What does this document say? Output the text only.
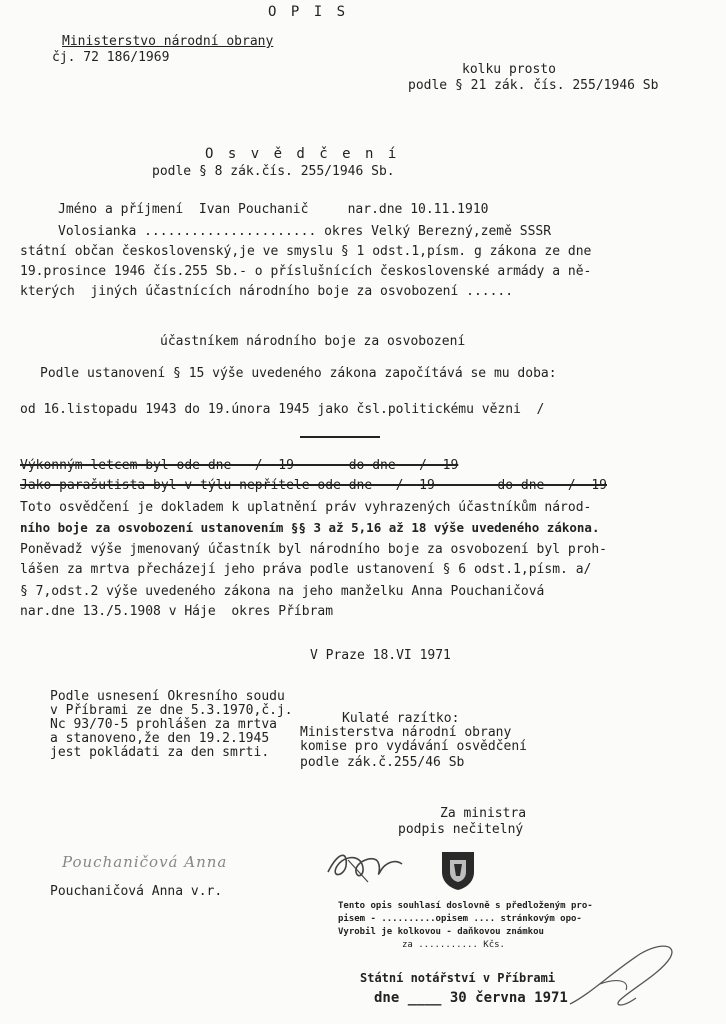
O P I S
Ministerstvo národní obrany
čj. 72 186/1969
kolku prosto
podle § 21 zák. čís. 255/1946 Sb
O s v ě d č e n í
podle § 8 zák.čís. 255/1946 Sb.
Jméno a příjmení  Ivan Pouchanič     nar.dne 10.11.1910
Volosianka ...................... okres Velký Berezný,země SSSR
státní občan československý,je ve smyslu § 1 odst.1,písm. g zákona ze dne
19.prosince 1946 čís.255 Sb.- o příslušnících československé armády a ně-
kterých  jiných účastnících národního boje za osvobození ......
účastníkem národního boje za osvobození
Podle ustanovení § 15 výše uvedeného zákona započítává se mu doba:
od 16.listopadu 1943 do 19.února 1945 jako čsl.politickému vězni  /
Výkonným letcem byl ode dne   /  19       do dne   /  19
Jako parašutista byl v týlu nepřítele ode dne   /  19        do dne   /  19
Toto osvědčení je dokladem k uplatnění práv vyhrazených účastníkům národ-
ního boje za osvobození ustanovením §§ 3 až 5,16 až 18 výše uvedeného zákona.
Poněvadž výše jmenovaný účastník byl národního boje za osvobození byl proh-
lášen za mrtva přecházejí jeho práva podle ustanovení § 6 odst.1,písm. a/
§ 7,odst.2 výše uvedeného zákona na jeho manželku Anna Pouchaničová
nar.dne 13./5.1908 v Háje  okres Příbram
V Praze 18.VI 1971
Podle usnesení Okresního soudu
v Příbrami ze dne 5.3.1970,č.j.
Nc 93/70-5 prohlášen za mrtva
a stanoveno,že den 19.2.1945
jest pokládati za den smrti.
Kulaté razítko:
Ministerstva národní obrany
komise pro vydávání osvědčení
podle zák.č.255/46 Sb
Za ministra
podpis nečitelný
Pouchaničová Anna
Pouchaničová Anna v.r.
Tento opis souhlasí doslovně s předloženým pro-
pisem - ..........opisem .... stránkovým opo-
Vyrobil je kolkovou - daňkovou známkou
za ........... Kčs.
Státní notářství v Příbrami
dne ____ 30 června 1971
